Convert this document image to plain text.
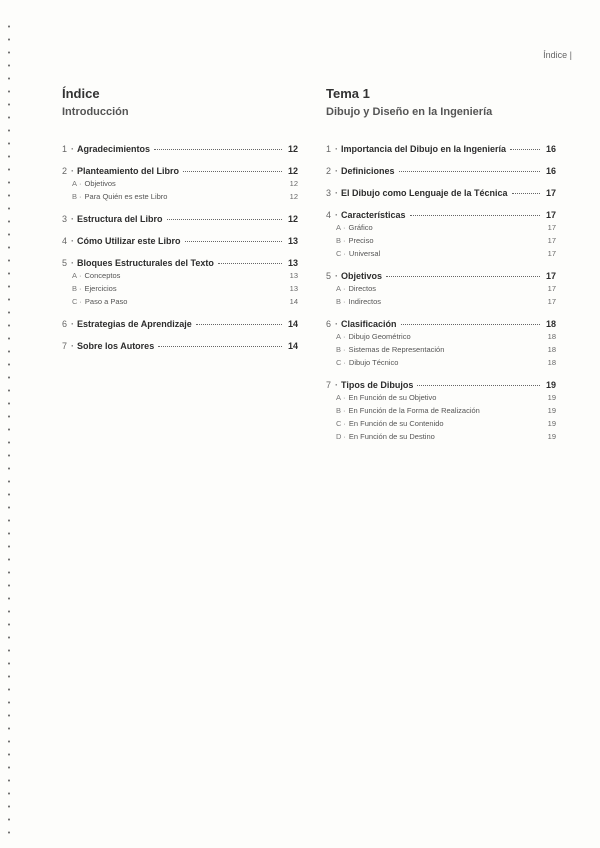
Índice |
Índice
Introducción
1 · Agradecimientos	12
2 · Planteamiento del Libro	12
A · Objetivos	12
B · Para Quién es este Libro	12
3 · Estructura del Libro	12
4 · Cómo Utilizar este Libro	13
5 · Bloques Estructurales del Texto	13
A · Conceptos	13
B · Ejercicios	13
C · Paso a Paso	14
6 · Estrategias de Aprendizaje	14
7 · Sobre los Autores	14
Tema 1
Dibujo y Diseño en la Ingeniería
1 · Importancia del Dibujo en la Ingeniería	16
2 · Definiciones	16
3 · El Dibujo como Lenguaje de la Técnica	17
4 · Características	17
A · Gráfico	17
B · Preciso	17
C · Universal	17
5 · Objetivos	17
A · Directos	17
B · Indirectos	17
6 · Clasificación	18
A · Dibujo Geométrico	18
B · Sistemas de Representación	18
C · Dibujo Técnico	18
7 · Tipos de Dibujos	19
A · En Función de su Objetivo	19
B · En Función de la Forma de Realización	19
C · En Función de su Contenido	19
D · En Función de su Destino	19
